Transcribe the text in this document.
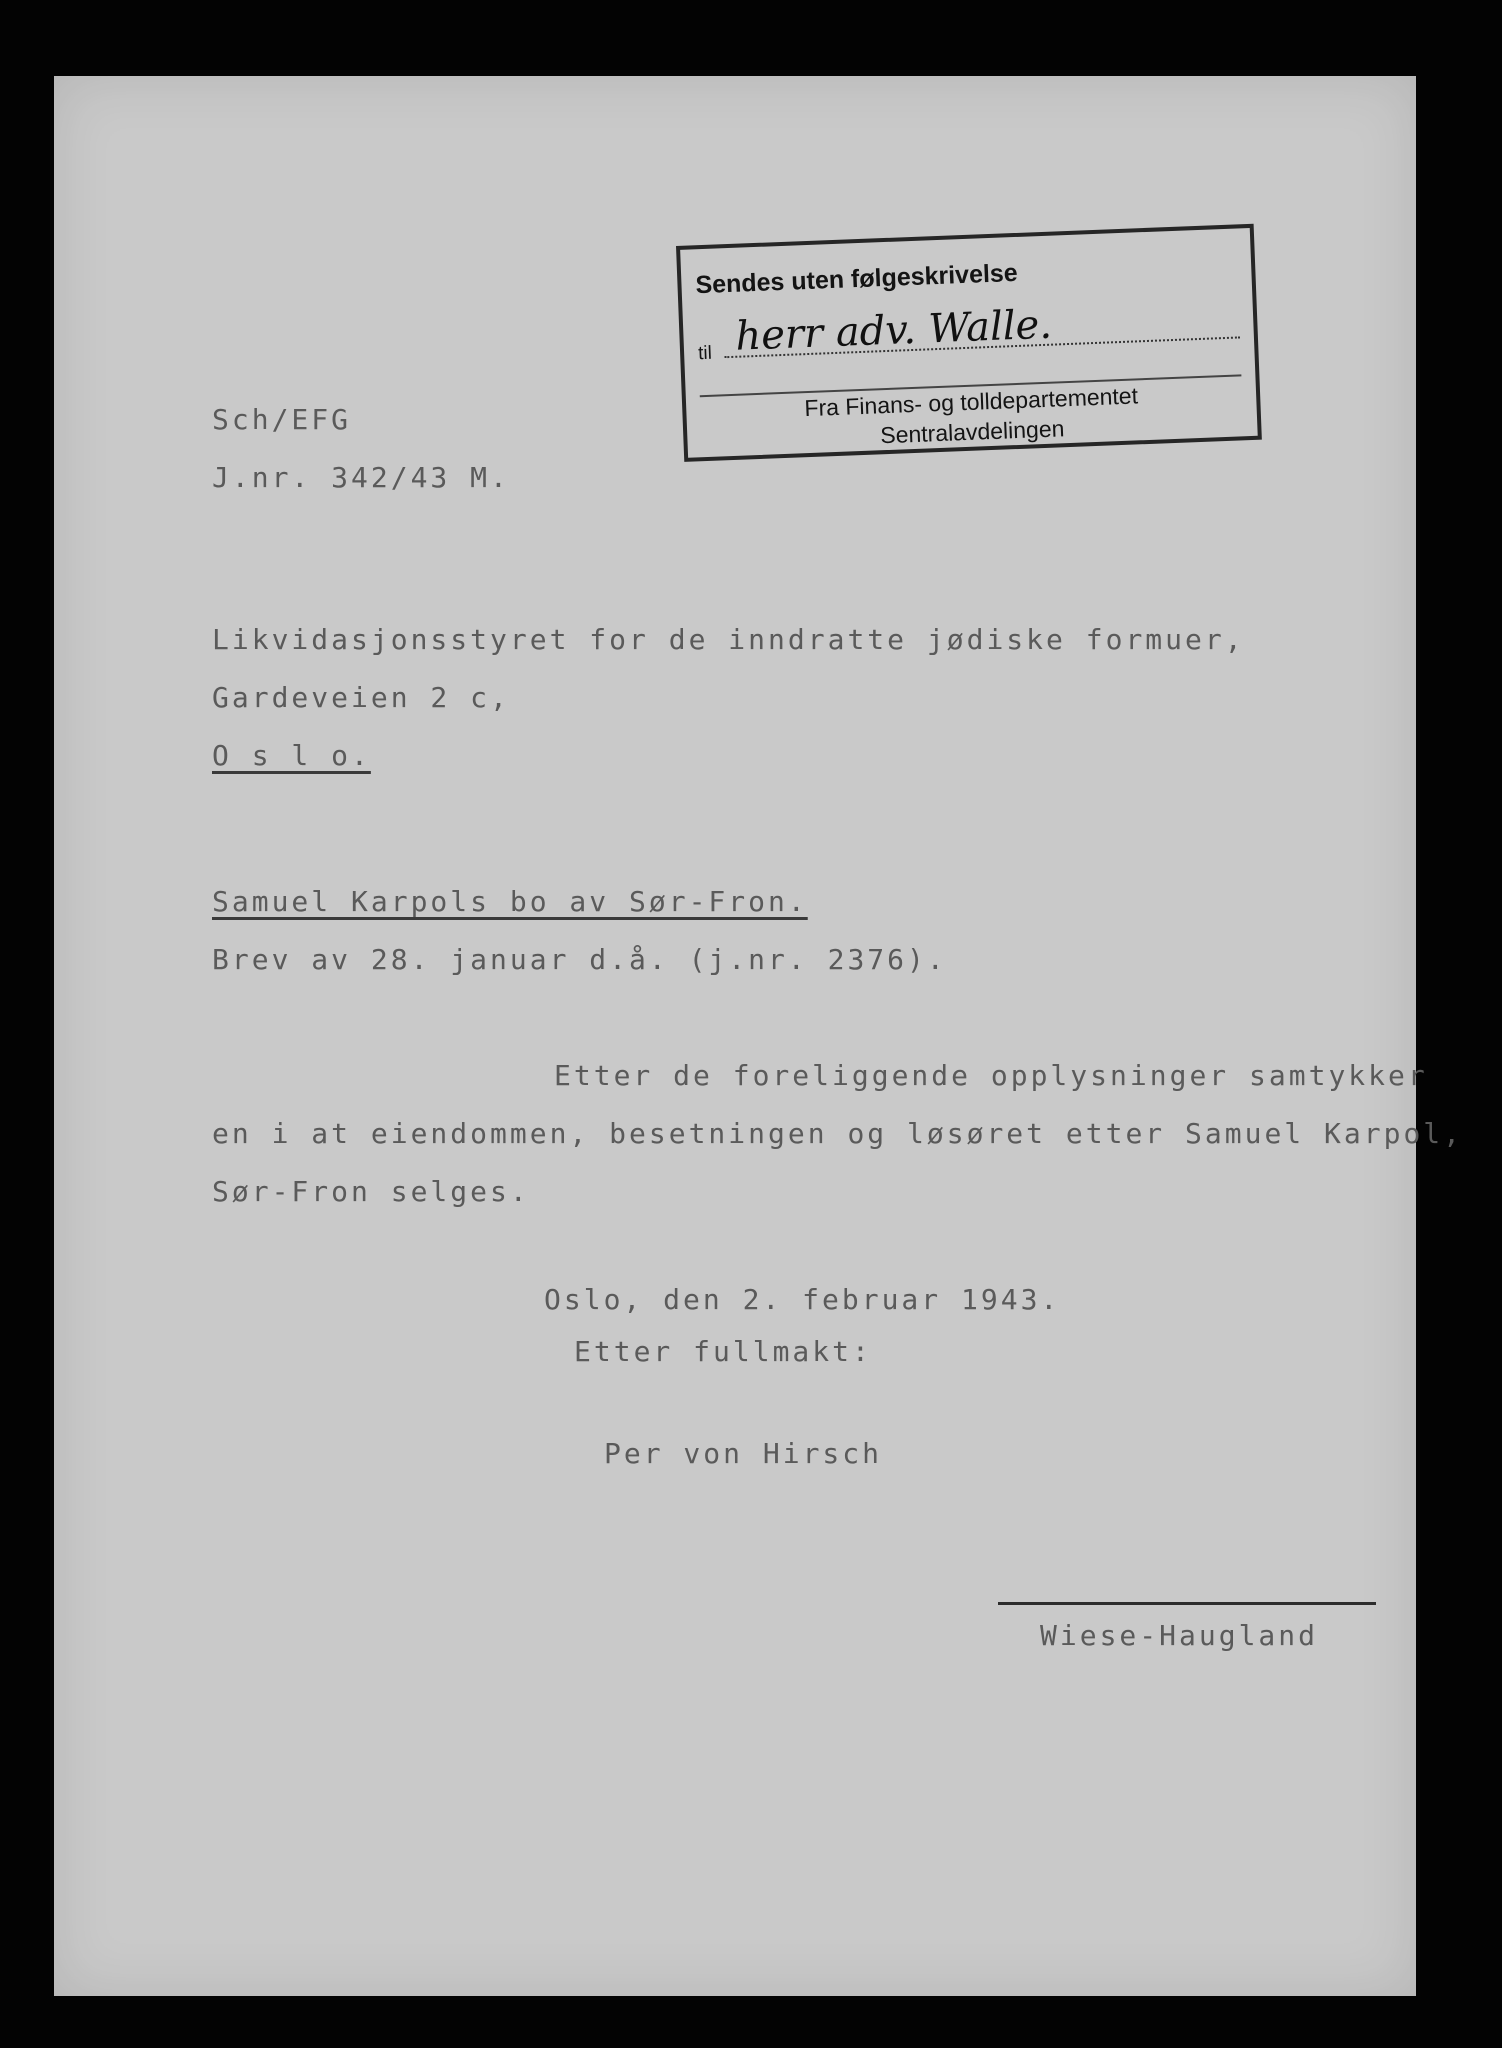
Sendes uten følgeskrivelse
til herr adv. Walle.
Fra Finans- og tolldepartementet
Sentralavdelingen
Sch/EFG
J.nr. 342/43 M.
Likvidasjonsstyret for de inndratte jødiske formuer,
Gardeveien 2 c,
O s l o.
Samuel Karpols bo av Sør-Fron.
Brev av 28. januar d.å. (j.nr. 2376).
Etter de foreliggende opplysninger samtykker
en i at eiendommen, besetningen og løsøret etter Samuel Karpol,
Sør-Fron selges.
Oslo, den 2. februar 1943.
Etter fullmakt:
Per von Hirsch
Wiese-Haugland
